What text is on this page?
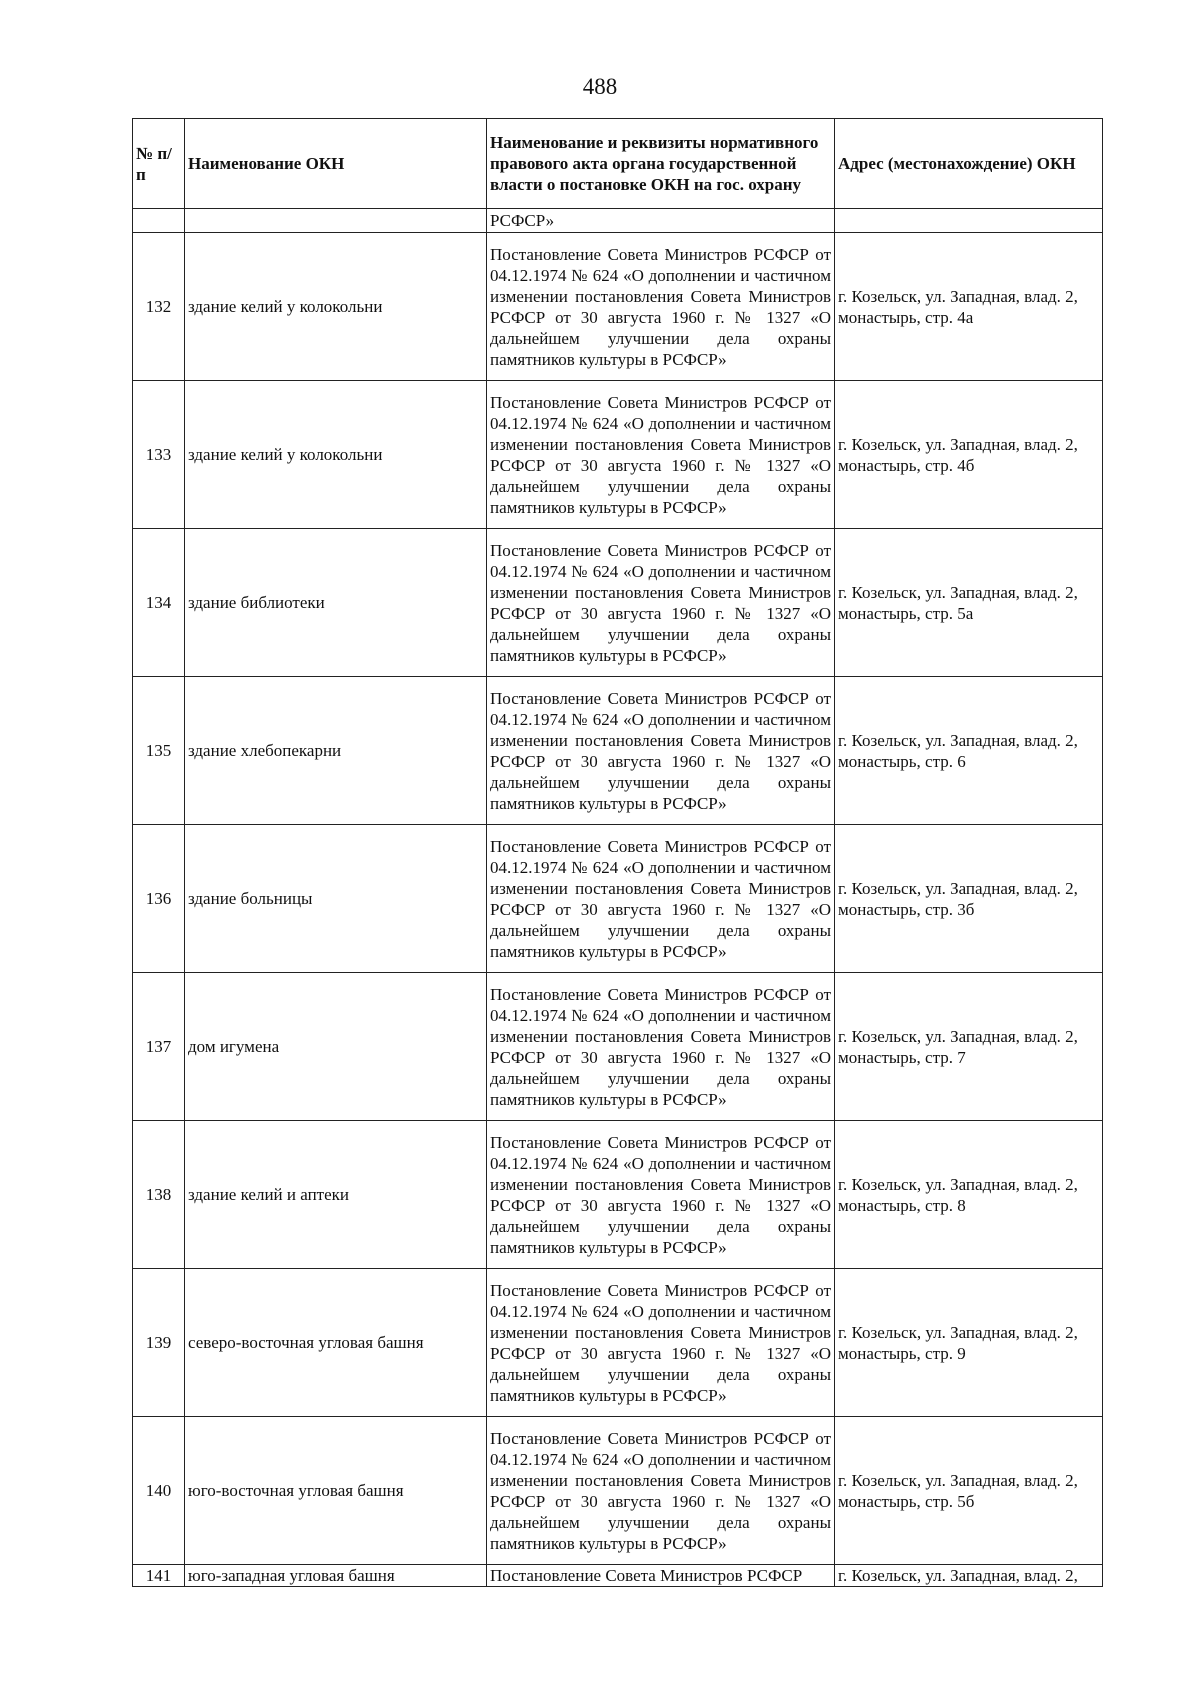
488
№ п/п	Наименование ОКН	Наименование и реквизиты нормативного правового акта органа государственной власти о постановке ОКН на гос. охрану	Адрес (местонахождение) ОКН
		РСФСР»	
132	здание келий у колокольни	Постановление Совета Министров РСФСР от 04.12.1974 № 624 «О дополнении и частичном изменении постановления Совета Министров РСФСР от 30 августа 1960 г. № 1327 «О дальнейшем улучшении дела охраны памятников культуры в РСФСР»	г. Козельск, ул. Западная, влад. 2, монастырь, стр. 4а
133	здание келий у колокольни	Постановление Совета Министров РСФСР от 04.12.1974 № 624 «О дополнении и частичном изменении постановления Совета Министров РСФСР от 30 августа 1960 г. № 1327 «О дальнейшем улучшении дела охраны памятников культуры в РСФСР»	г. Козельск, ул. Западная, влад. 2, монастырь, стр. 4б
134	здание библиотеки	Постановление Совета Министров РСФСР от 04.12.1974 № 624 «О дополнении и частичном изменении постановления Совета Министров РСФСР от 30 августа 1960 г. № 1327 «О дальнейшем улучшении дела охраны памятников культуры в РСФСР»	г. Козельск, ул. Западная, влад. 2, монастырь, стр. 5а
135	здание хлебопекарни	Постановление Совета Министров РСФСР от 04.12.1974 № 624 «О дополнении и частичном изменении постановления Совета Министров РСФСР от 30 августа 1960 г. № 1327 «О дальнейшем улучшении дела охраны памятников культуры в РСФСР»	г. Козельск, ул. Западная, влад. 2, монастырь, стр. 6
136	здание больницы	Постановление Совета Министров РСФСР от 04.12.1974 № 624 «О дополнении и частичном изменении постановления Совета Министров РСФСР от 30 августа 1960 г. № 1327 «О дальнейшем улучшении дела охраны памятников культуры в РСФСР»	г. Козельск, ул. Западная, влад. 2, монастырь, стр. 3б
137	дом игумена	Постановление Совета Министров РСФСР от 04.12.1974 № 624 «О дополнении и частичном изменении постановления Совета Министров РСФСР от 30 августа 1960 г. № 1327 «О дальнейшем улучшении дела охраны памятников культуры в РСФСР»	г. Козельск, ул. Западная, влад. 2, монастырь, стр. 7
138	здание келий и аптеки	Постановление Совета Министров РСФСР от 04.12.1974 № 624 «О дополнении и частичном изменении постановления Совета Министров РСФСР от 30 августа 1960 г. № 1327 «О дальнейшем улучшении дела охраны памятников культуры в РСФСР»	г. Козельск, ул. Западная, влад. 2, монастырь, стр. 8
139	северо-восточная угловая башня	Постановление Совета Министров РСФСР от 04.12.1974 № 624 «О дополнении и частичном изменении постановления Совета Министров РСФСР от 30 августа 1960 г. № 1327 «О дальнейшем улучшении дела охраны памятников культуры в РСФСР»	г. Козельск, ул. Западная, влад. 2, монастырь, стр. 9
140	юго-восточная угловая башня	Постановление Совета Министров РСФСР от 04.12.1974 № 624 «О дополнении и частичном изменении постановления Совета Министров РСФСР от 30 августа 1960 г. № 1327 «О дальнейшем улучшении дела охраны памятников культуры в РСФСР»	г. Козельск, ул. Западная, влад. 2, монастырь, стр. 5б
141	юго-западная угловая башня	Постановление Совета Министров РСФСР	г. Козельск, ул. Западная, влад. 2,
